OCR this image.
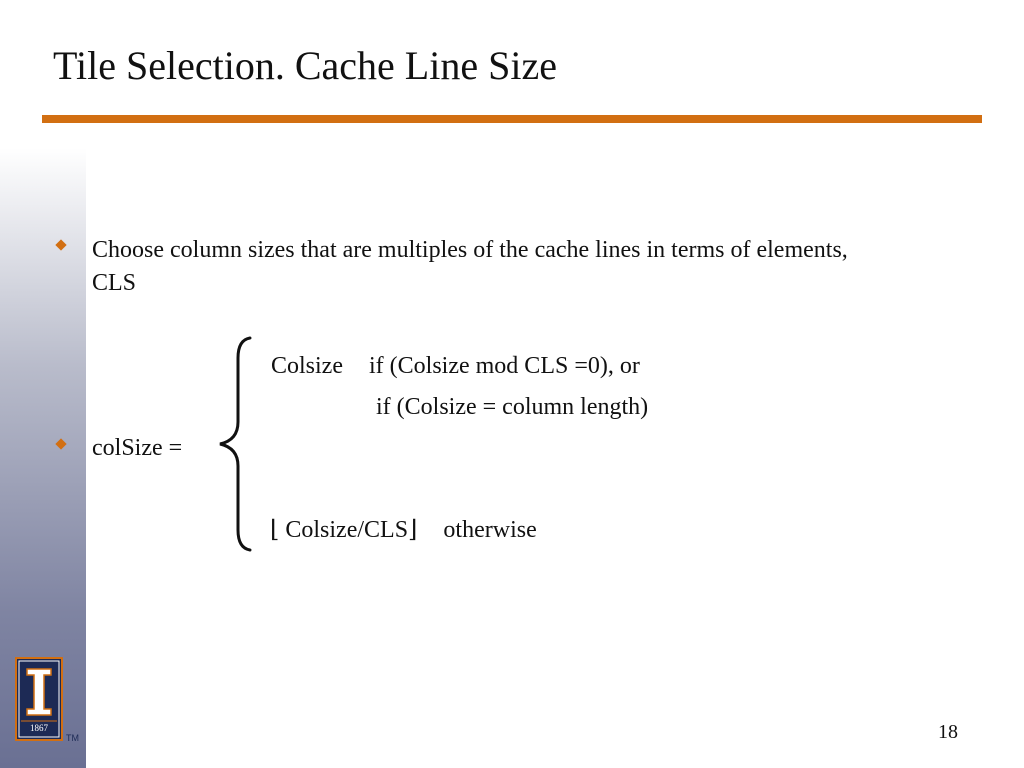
Tile Selection. Cache Line Size
Choose column sizes that are multiples of the cache lines in terms of elements,
CLS
colSize =
Colsize if (Colsize mod CLS =0), or
if (Colsize = column length)
⌊ Colsize/CLS⌋ otherwise
1867
TM	18
